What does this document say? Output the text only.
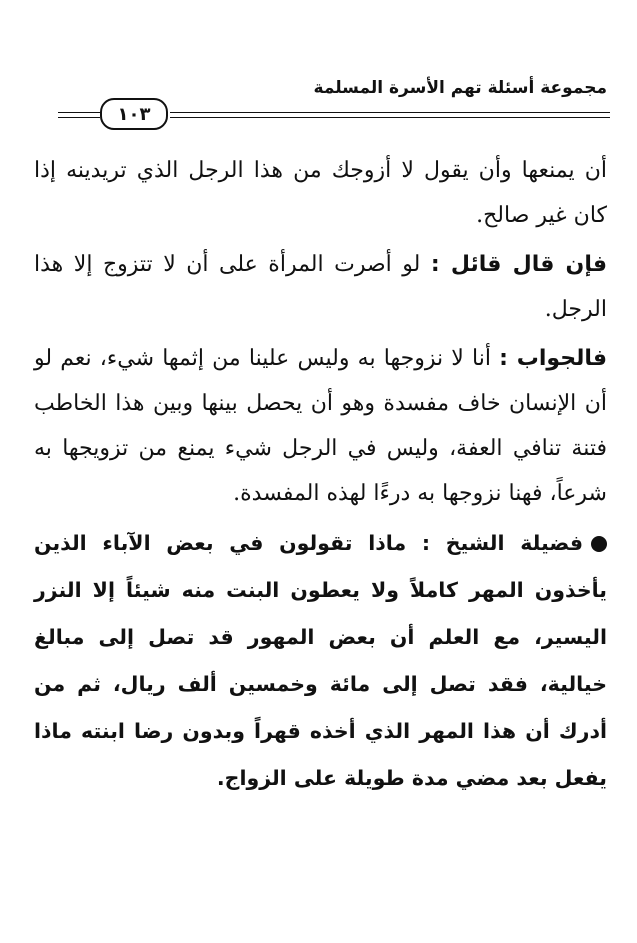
مجموعة أسئلة تهم الأسرة المسلمة
١٠٣

أن يمنعها وأن يقول لا أزوجك من هذا الرجل الذي تريدينه إذا كان غير صالح.

فإن قال قائل : لو أصرت المرأة على أن لا تتزوج إلا هذا الرجل.

فالجواب : أنا لا نزوجها به وليس علينا من إثمها شيء، نعم لو أن الإنسان خاف مفسدة وهو أن يحصل بينها وبين هذا الخاطب فتنة تنافي العفة، وليس في الرجل شيء يمنع من تزويجها به شرعاً، فهنا نزوجها به درءًا لهذه المفسدة.

فضيلة الشيخ : ماذا تقولون في بعض الآباء الذين يأخذون المهر كاملاً ولا يعطون البنت منه شيئاً إلا النزر اليسير، مع العلم أن بعض المهور قد تصل إلى مبالغ خيالية، فقد تصل إلى مائة وخمسين ألف ريال، ثم من أدرك أن هذا المهر الذي أخذه قهراً وبدون رضا ابنته ماذا يفعل بعد مضي مدة طويلة على الزواج.
